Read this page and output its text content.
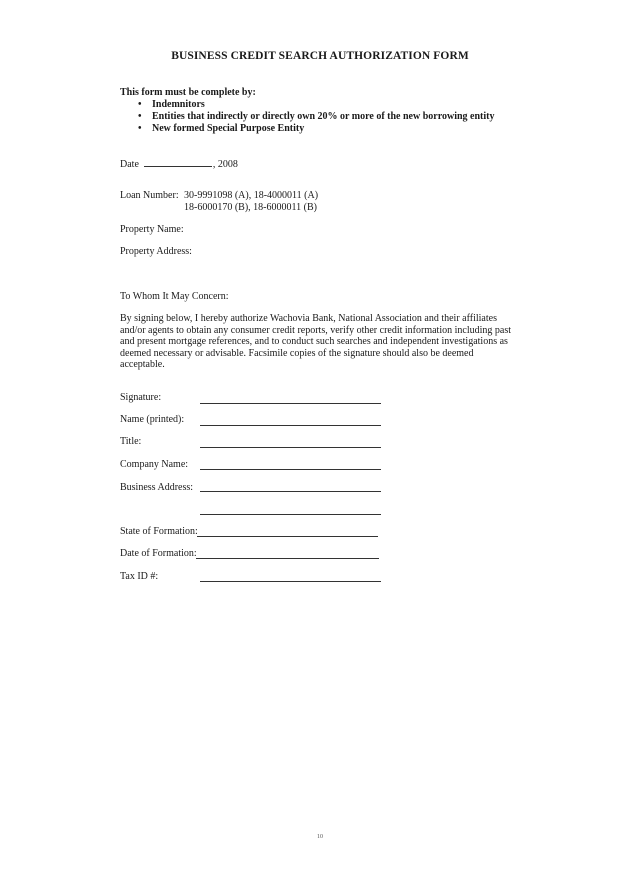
BUSINESS CREDIT SEARCH AUTHORIZATION FORM
This form must be complete by:
• Indemnitors
• Entities that indirectly or directly own 20% or more of the new borrowing entity
• New formed Special Purpose Entity
Date	, 2008
Loan Number: 30-9991098 (A), 18-4000011 (A)
18-6000170 (B), 18-6000011 (B)
Property Name:
Property Address:
To Whom It May Concern:
By signing below, I hereby authorize Wachovia Bank, National Association and their affiliates
and/or agents to obtain any consumer credit reports, verify other credit information including past
and present mortgage references, and to conduct such searches and independent investigations as
deemed necessary or advisable. Facsimile copies of the signature should also be deemed
acceptable.
Signature:
Name (printed):
Title:
Company Name:
Business Address:
State of Formation:
Date of Formation:
Tax ID #:
10
